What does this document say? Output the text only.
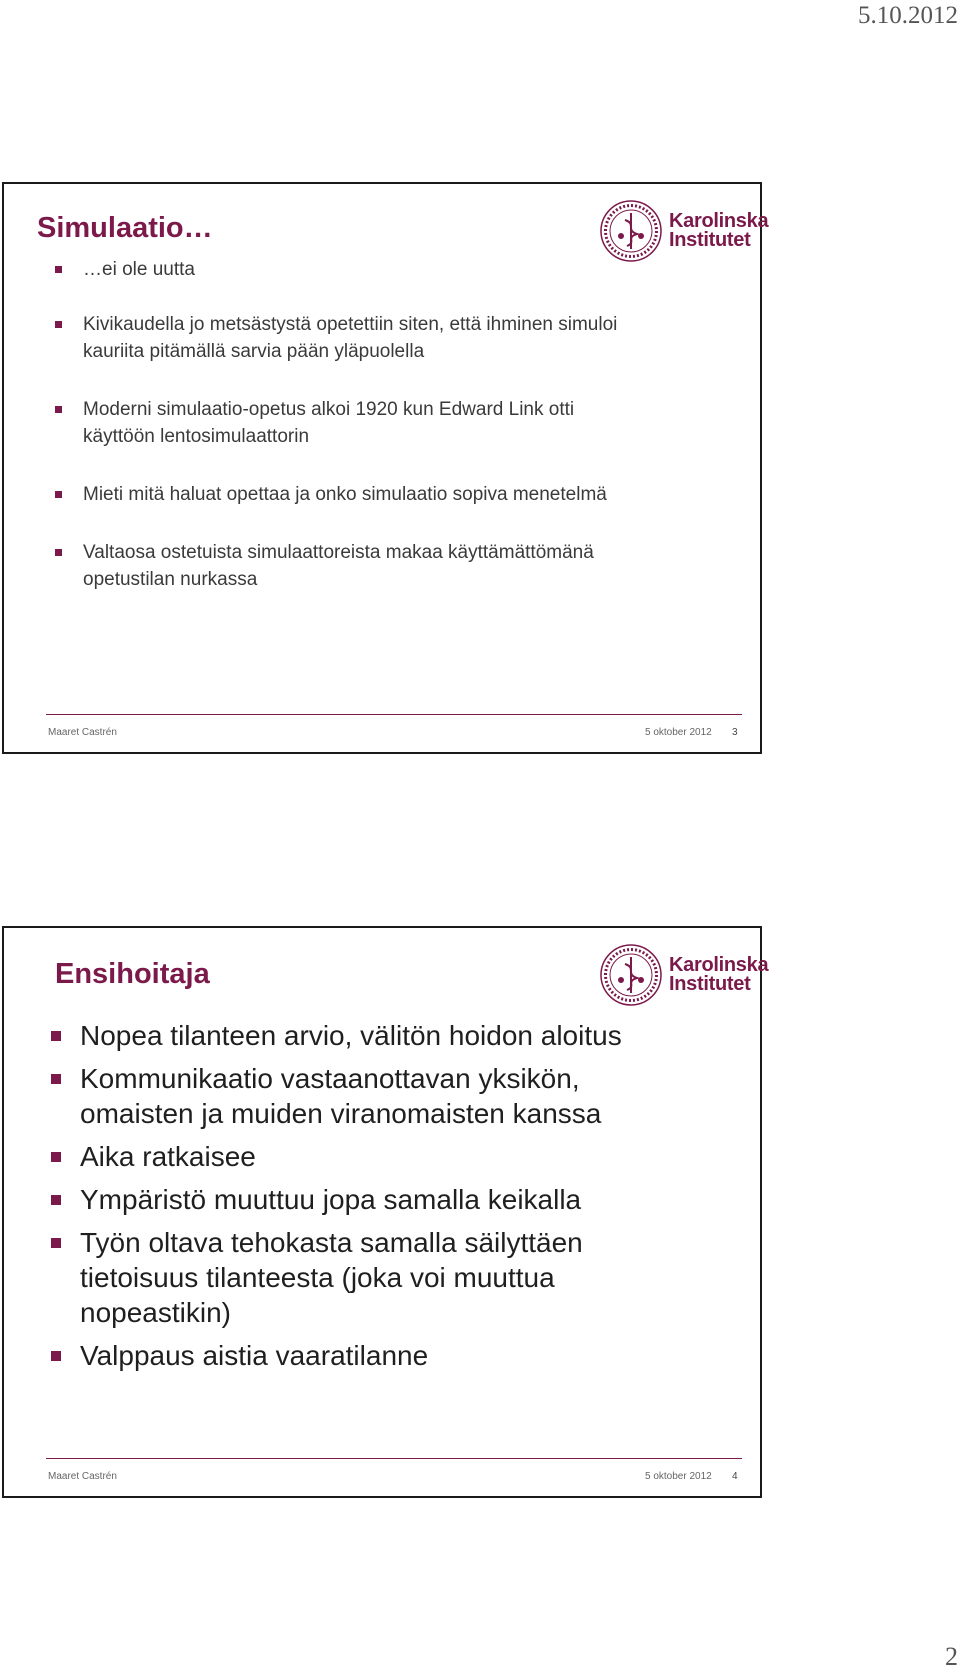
5.10.2012
Simulaatio…	Karolinska
Institutet
…ei ole uutta
Kivikaudella jo metsästystä opetettiin siten, että ihminen simuloi
kauriita pitämällä sarvia pään yläpuolella
Moderni simulaatio-opetus alkoi 1920 kun Edward Link otti
käyttöön lentosimulaattorin
Mieti mitä haluat opettaa ja onko simulaatio sopiva menetelmä
Valtaosa ostetuista simulaattoreista makaa käyttämättömänä
opetustilan nurkassa
Maaret Castrén	5 oktober 2012 3
Ensihoitaja	Karolinska
Institutet
Nopea tilanteen arvio, välitön hoidon aloitus
Kommunikaatio vastaanottavan yksikön,
omaisten ja muiden viranomaisten kanssa
Aika ratkaisee
Ympäristö muuttuu jopa samalla keikalla
Työn oltava tehokasta samalla säilyttäen
tietoisuus tilanteesta (joka voi muuttua
nopeastikin)
Valppaus aistia vaaratilanne
Maaret Castrén	5 oktober 2012 4
2
